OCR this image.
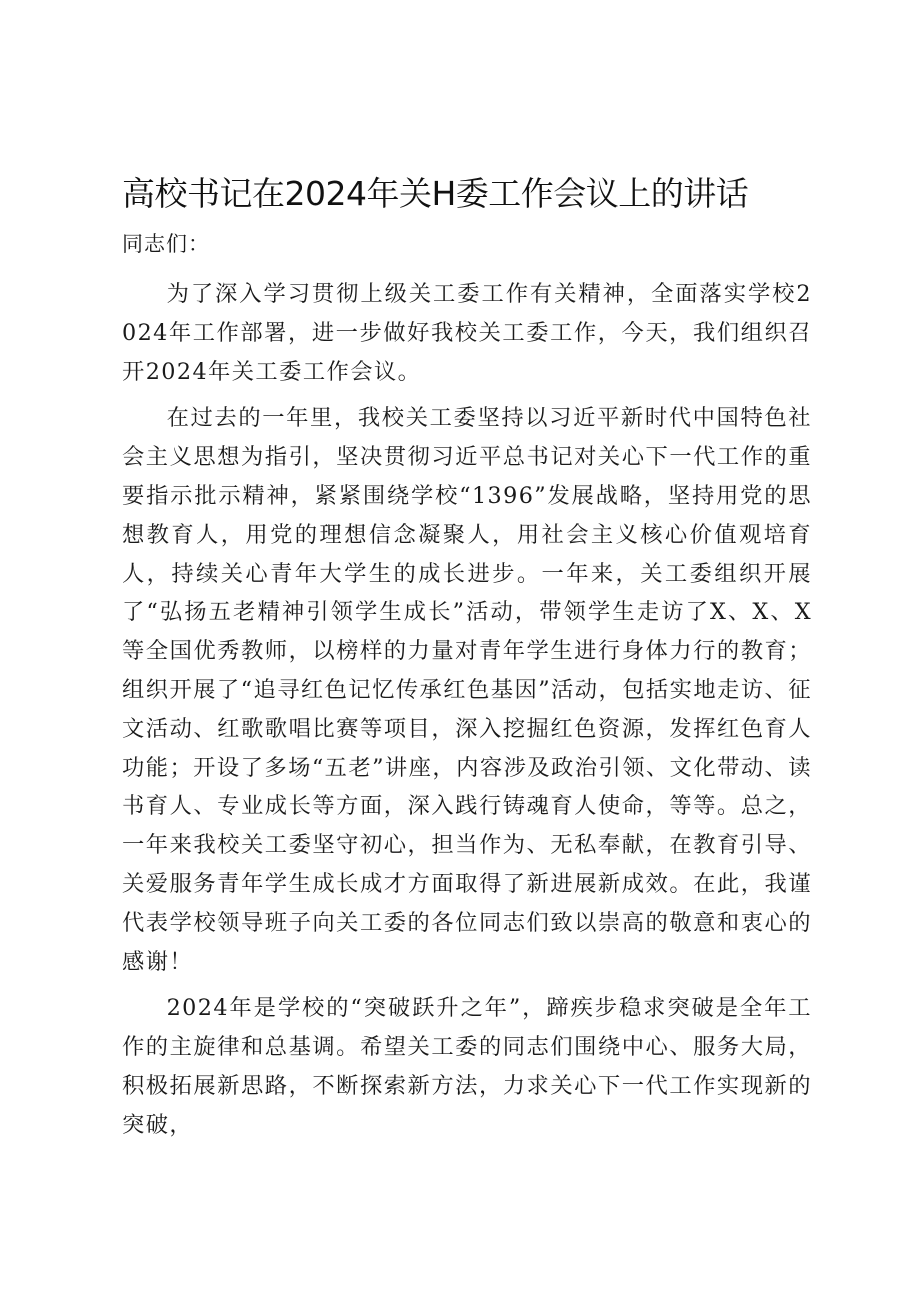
高校书记在2024年关H委工作会议上的讲话

同志们：

为了深入学习贯彻上级关工委工作有关精神，全面落实学校2024年工作部署，进一步做好我校关工委工作，今天，我们组织召开2024年关工委工作会议。

在过去的一年里，我校关工委坚持以习近平新时代中国特色社会主义思想为指引，坚决贯彻习近平总书记对关心下一代工作的重要指示批示精神，紧紧围绕学校“1396”发展战略，坚持用党的思想教育人，用党的理想信念凝聚人，用社会主义核心价值观培育人，持续关心青年大学生的成长进步。一年来，关工委组织开展了“弘扬五老精神引领学生成长”活动，带领学生走访了X、X、X等全国优秀教师，以榜样的力量对青年学生进行身体力行的教育；组织开展了“追寻红色记忆传承红色基因”活动，包括实地走访、征文活动、红歌歌唱比赛等项目，深入挖掘红色资源，发挥红色育人功能；开设了多场“五老”讲座，内容涉及政治引领、文化带动、读书育人、专业成长等方面，深入践行铸魂育人使命，等等。总之，一年来我校关工委坚守初心，担当作为、无私奉献，在教育引导、关爱服务青年学生成长成才方面取得了新进展新成效。在此，我谨代表学校领导班子向关工委的各位同志们致以崇高的敬意和衷心的感谢！

2024年是学校的“突破跃升之年”，蹄疾步稳求突破是全年工作的主旋律和总基调。希望关工委的同志们围绕中心、服务大局，积极拓展新思路，不断探索新方法，力求关心下一代工作实现新的突破，
